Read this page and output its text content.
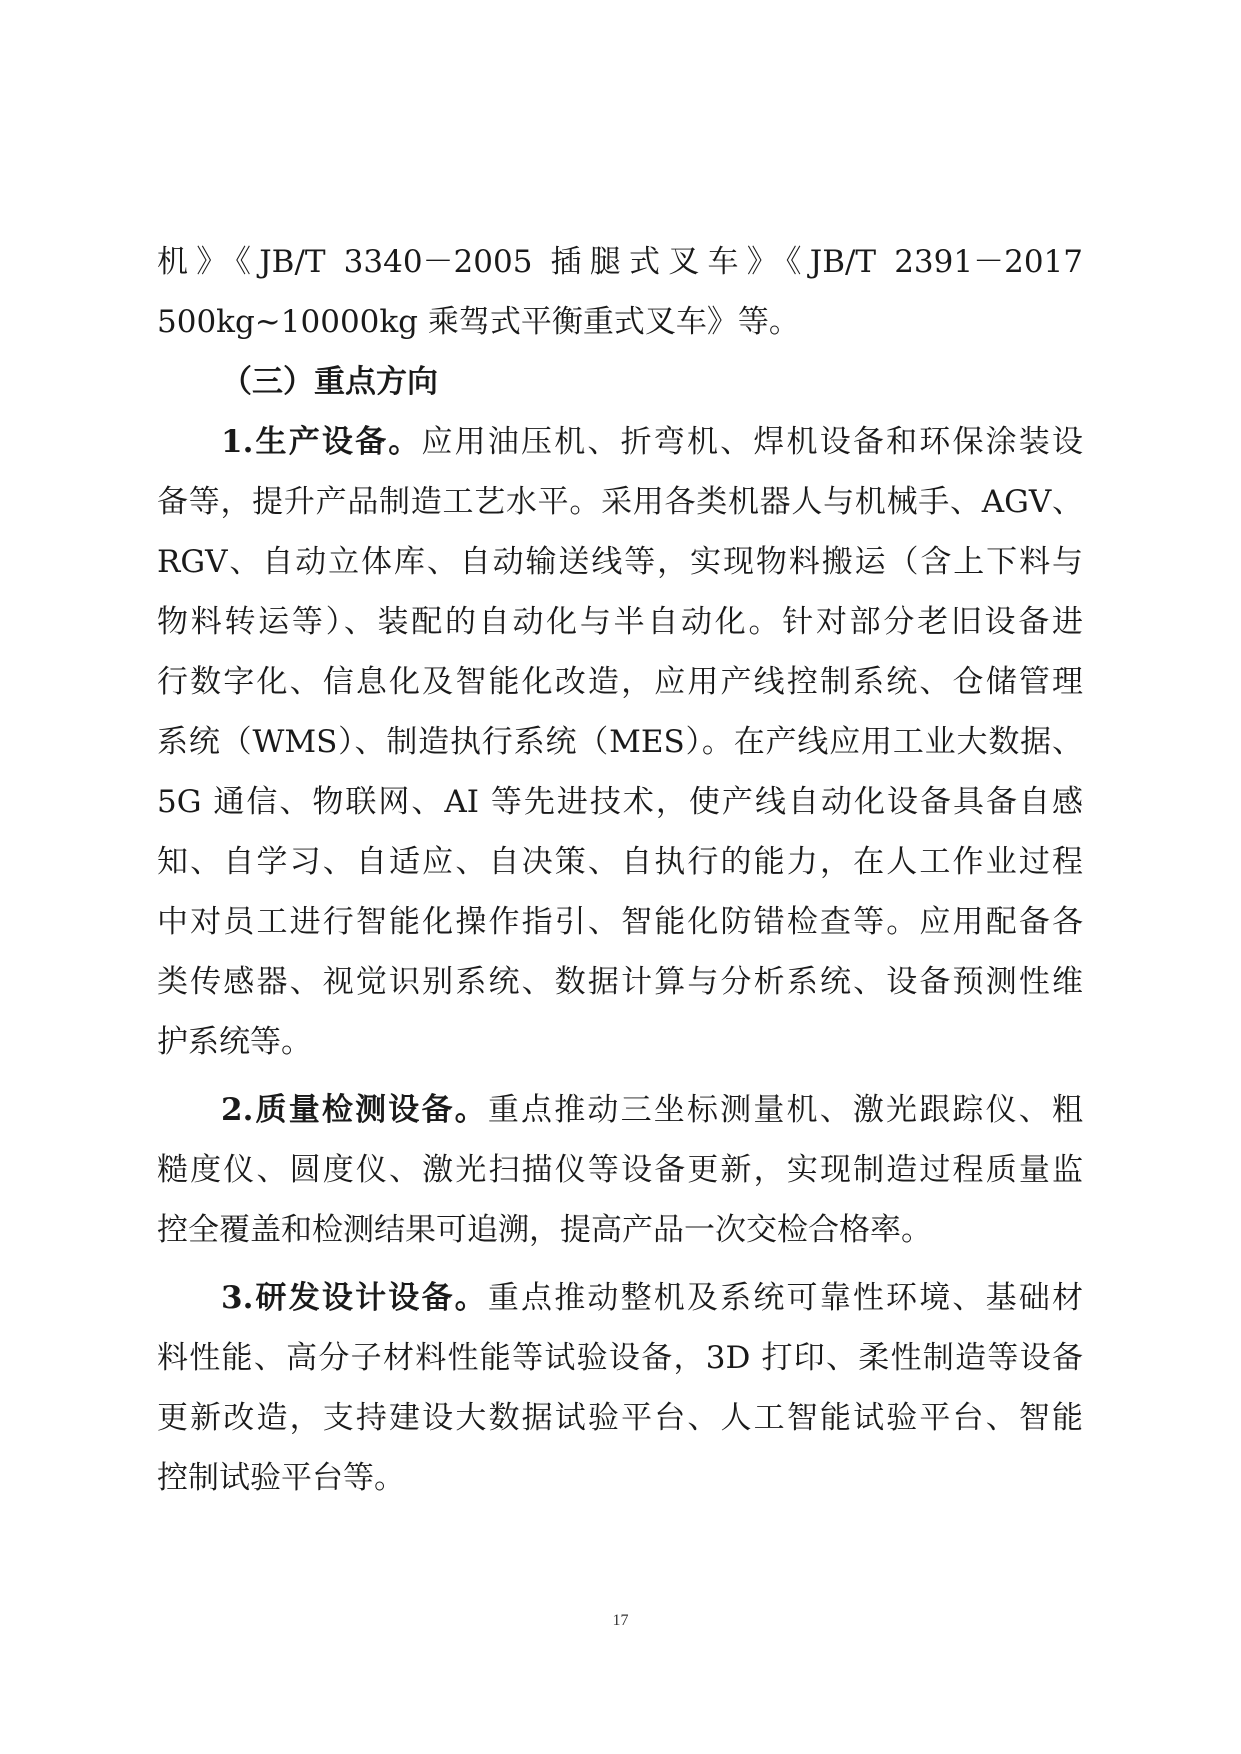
机》《JB/T 3340－2005 插腿式叉车》《JB/T 2391－2017
500kg~10000kg 乘驾式平衡重式叉车》等。
（三）重点方向
1.生产设备。应用油压机、折弯机、焊机设备和环保涂装设
备等，提升产品制造工艺水平。采用各类机器人与机械手、AGV、
RGV、自动立体库、自动输送线等，实现物料搬运（含上下料与
物料转运等）、装配的自动化与半自动化。针对部分老旧设备进
行数字化、信息化及智能化改造，应用产线控制系统、仓储管理
系统（WMS）、制造执行系统（MES）。在产线应用工业大数据、
5G 通信、物联网、AI 等先进技术，使产线自动化设备具备自感
知、自学习、自适应、自决策、自执行的能力，在人工作业过程
中对员工进行智能化操作指引、智能化防错检查等。应用配备各
类传感器、视觉识别系统、数据计算与分析系统、设备预测性维
护系统等。
2.质量检测设备。重点推动三坐标测量机、激光跟踪仪、粗
糙度仪、圆度仪、激光扫描仪等设备更新，实现制造过程质量监
控全覆盖和检测结果可追溯，提高产品一次交检合格率。
3.研发设计设备。重点推动整机及系统可靠性环境、基础材
料性能、高分子材料性能等试验设备，3D 打印、柔性制造等设备
更新改造，支持建设大数据试验平台、人工智能试验平台、智能
控制试验平台等。
17
